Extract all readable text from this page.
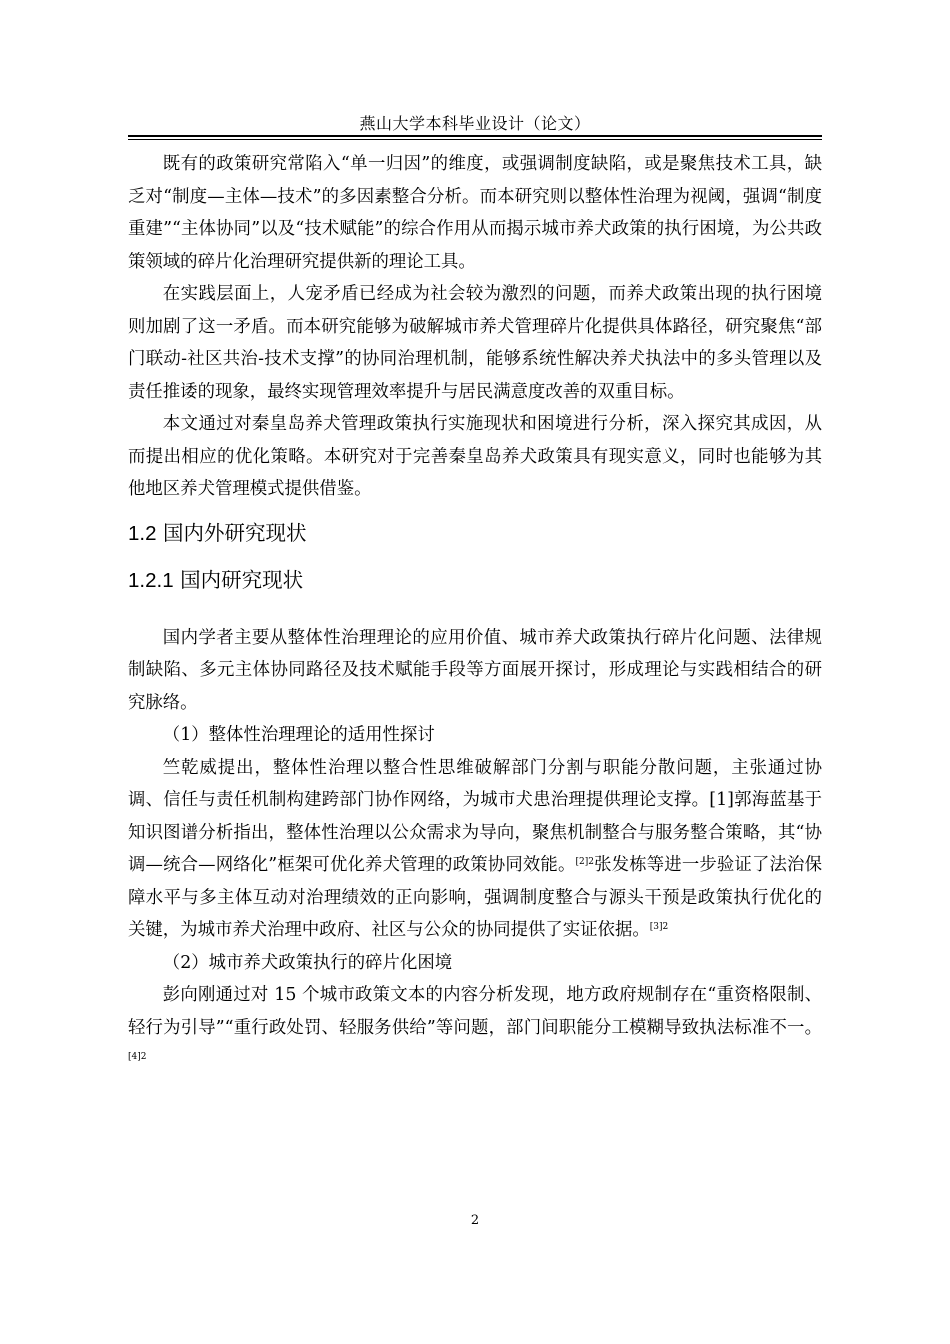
燕山大学本科毕业设计（论文）

既有的政策研究常陷入“单一归因”的维度，或强调制度缺陷，或是聚焦技术工具，缺乏对“制度—主体—技术”的多因素整合分析。而本研究则以整体性治理为视阈，强调“制度重建”“主体协同”以及“技术赋能”的综合作用从而揭示城市养犬政策的执行困境，为公共政策领域的碎片化治理研究提供新的理论工具。

在实践层面上，人宠矛盾已经成为社会较为激烈的问题，而养犬政策出现的执行困境则加剧了这一矛盾。而本研究能够为破解城市养犬管理碎片化提供具体路径，研究聚焦“部门联动-社区共治-技术支撑”的协同治理机制，能够系统性解决养犬执法中的多头管理以及责任推诿的现象，最终实现管理效率提升与居民满意度改善的双重目标。

本文通过对秦皇岛养犬管理政策执行实施现状和困境进行分析，深入探究其成因，从而提出相应的优化策略。本研究对于完善秦皇岛养犬政策具有现实意义，同时也能够为其他地区养犬管理模式提供借鉴。

1.2 国内外研究现状
1.2.1 国内研究现状

国内学者主要从整体性治理理论的应用价值、城市养犬政策执行碎片化问题、法律规制缺陷、多元主体协同路径及技术赋能手段等方面展开探讨，形成理论与实践相结合的研究脉络。

（1）整体性治理理论的适用性探讨

竺乾威提出，整体性治理以整合性思维破解部门分割与职能分散问题，主张通过协调、信任与责任机制构建跨部门协作网络，为城市犬患治理提供理论支撑。[1]郭海蓝基于知识图谱分析指出，整体性治理以公众需求为导向，聚焦机制整合与服务整合策略，其“协调—统合—网络化”框架可优化养犬管理的政策协同效能。$^{[2]2}$张发栋等进一步验证了法治保障水平与多主体互动对治理绩效的正向影响，强调制度整合与源头干预是政策执行优化的关键，为城市养犬治理中政府、社区与公众的协同提供了实证依据。$^{[3]2}$

（2）城市养犬政策执行的碎片化困境

彭向刚通过对 15 个城市政策文本的内容分析发现，地方政府规制存在“重资格限制、轻行为引导”“重行政处罚、轻服务供给”等问题，部门间职能分工模糊导致执法标准不一。$^{[4]2}$

2
